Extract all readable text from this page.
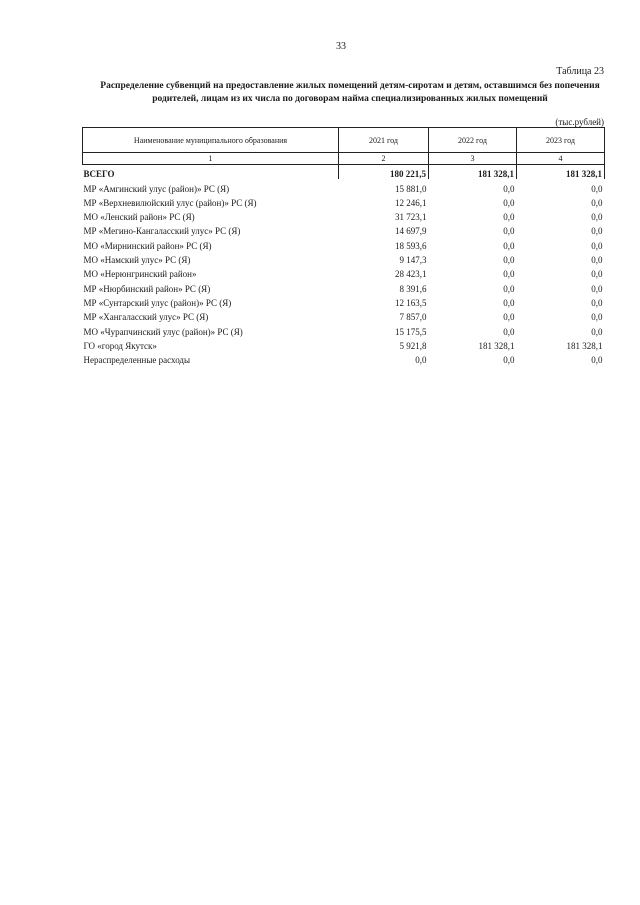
33
Таблица 23
Распределение субвенций на предоставление жилых помещений детям-сиротам и детям, оставшимся без попечения
родителей, лицам из их числа по договорам найма специализированных жилых помещений
(тыс.рублей)
Наименование муниципального образования	2021 год	2022 год	2023 год
1	2	3	4
ВСЕГО	180 221,5	181 328,1	181 328,1
МР «Амгинский улус (район)» РС (Я)	15 881,0	0,0	0,0
МР «Верхневилюйский улус (район)» РС (Я)	12 246,1	0,0	0,0
МО «Ленский район» РС (Я)	31 723,1	0,0	0,0
МР «Мегино-Кангаласский улус» РС (Я)	14 697,9	0,0	0,0
МО «Мирнинский район» РС (Я)	18 593,6	0,0	0,0
МО «Намский улус» РС (Я)	9 147,3	0,0	0,0
МО «Нерюнгринский район»	28 423,1	0,0	0,0
МР «Нюрбинский район» РС (Я)	8 391,6	0,0	0,0
МР «Сунтарский улус (район)» РС (Я)	12 163,5	0,0	0,0
МР «Хангаласский улус» РС (Я)	7 857,0	0,0	0,0
МО «Чурапчинский улус (район)» РС (Я)	15 175,5	0,0	0,0
ГО «город Якутск»	5 921,8	181 328,1	181 328,1
Нераспределенные расходы	0,0	0,0	0,0
